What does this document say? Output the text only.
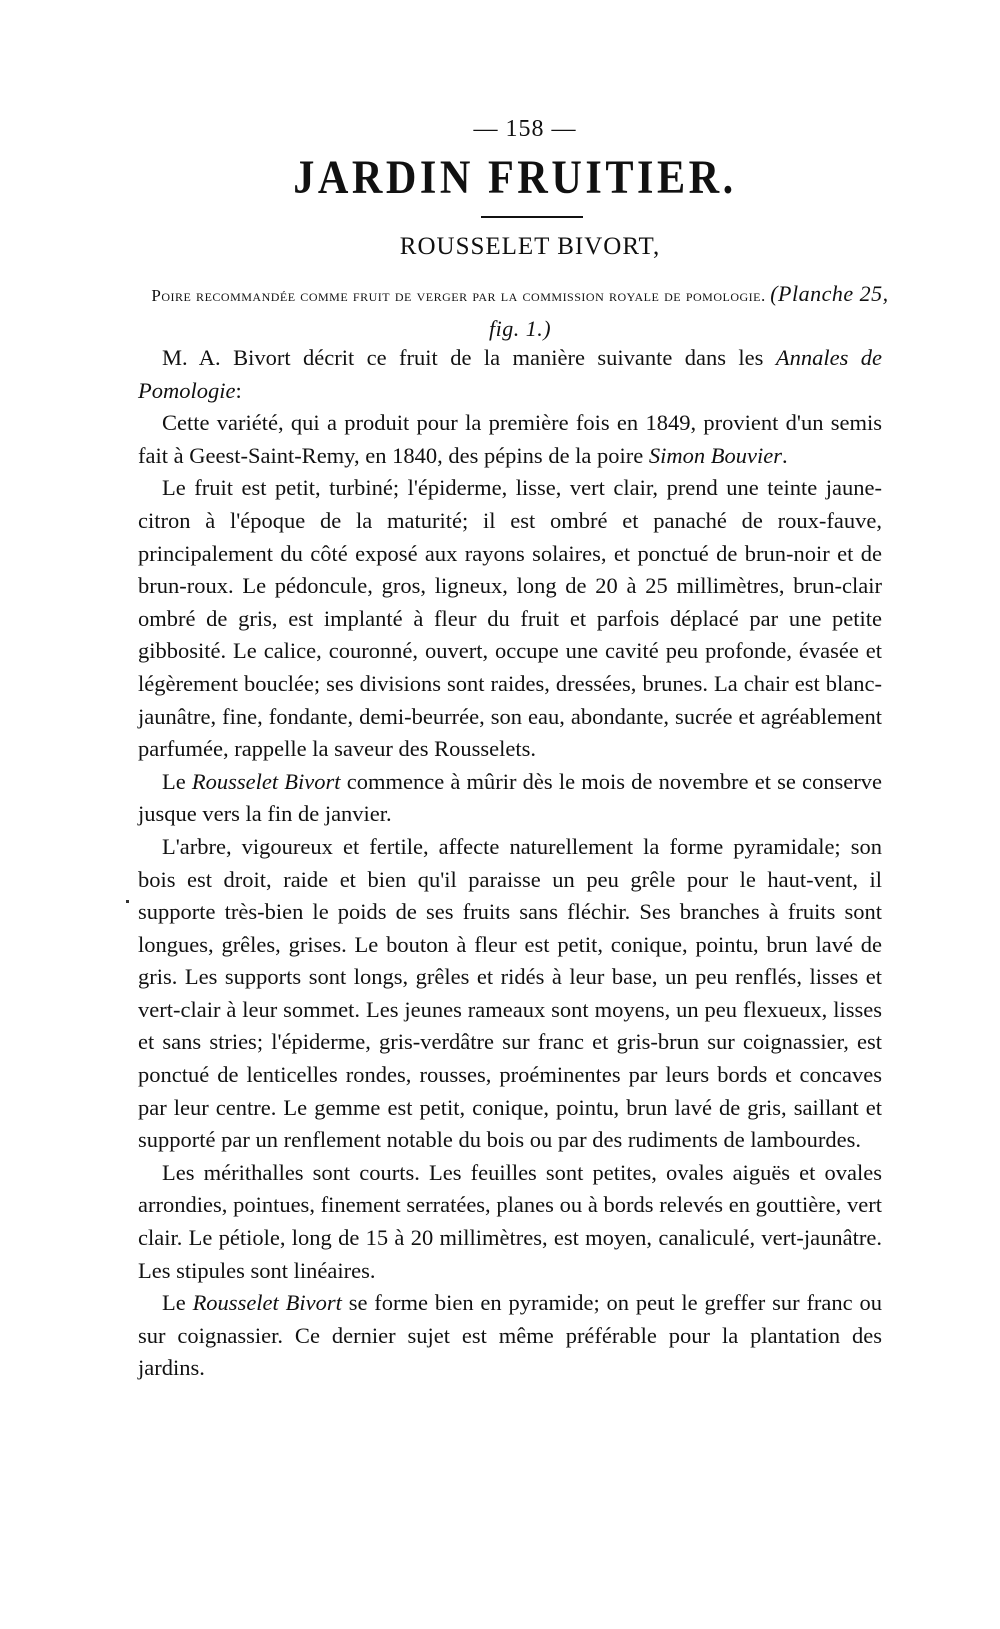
— 158 —
JARDIN FRUITIER.
ROUSSELET BIVORT,
Poire recommandée comme fruit de verger par la commission royale de pomologie. (Planche 25, fig. 1.)

M. A. Bivort décrit ce fruit de la manière suivante dans les Annales de Pomologie:

Cette variété, qui a produit pour la première fois en 1849, provient d'un semis fait à Geest-Saint-Remy, en 1840, des pépins de la poire Simon Bouvier.

Le fruit est petit, turbiné; l'épiderme, lisse, vert clair, prend une teinte jaune-citron à l'époque de la maturité; il est ombré et panaché de roux-fauve, principalement du côté exposé aux rayons solaires, et ponctué de brun-noir et de brun-roux. Le pédoncule, gros, ligneux, long de 20 à 25 millimètres, brun-clair ombré de gris, est implanté à fleur du fruit et parfois déplacé par une petite gibbosité. Le calice, couronné, ouvert, occupe une cavité peu profonde, évasée et légèrement bouclée; ses divisions sont raides, dressées, brunes. La chair est blanc-jaunâtre, fine, fondante, demi-beurrée, son eau, abondante, sucrée et agréablement parfumée, rappelle la saveur des Rousselets.

Le Rousselet Bivort commence à mûrir dès le mois de novembre et se conserve jusque vers la fin de janvier.

L'arbre, vigoureux et fertile, affecte naturellement la forme pyramidale; son bois est droit, raide et bien qu'il paraisse un peu grêle pour le haut-vent, il supporte très-bien le poids de ses fruits sans fléchir. Ses branches à fruits sont longues, grêles, grises. Le bouton à fleur est petit, conique, pointu, brun lavé de gris. Les supports sont longs, grêles et ridés à leur base, un peu renflés, lisses et vert-clair à leur sommet. Les jeunes rameaux sont moyens, un peu flexueux, lisses et sans stries; l'épiderme, gris-verdâtre sur franc et gris-brun sur coignassier, est ponctué de lenticelles rondes, rousses, proéminentes par leurs bords et concaves par leur centre. Le gemme est petit, conique, pointu, brun lavé de gris, saillant et supporté par un renflement notable du bois ou par des rudiments de lambourdes.

Les mérithalles sont courts. Les feuilles sont petites, ovales aiguës et ovales arrondies, pointues, finement serratées, planes ou à bords relevés en gouttière, vert clair. Le pétiole, long de 15 à 20 millimètres, est moyen, canaliculé, vert-jaunâtre. Les stipules sont linéaires.

Le Rousselet Bivort se forme bien en pyramide; on peut le greffer sur franc ou sur coignassier. Ce dernier sujet est même préférable pour la plantation des jardins.
